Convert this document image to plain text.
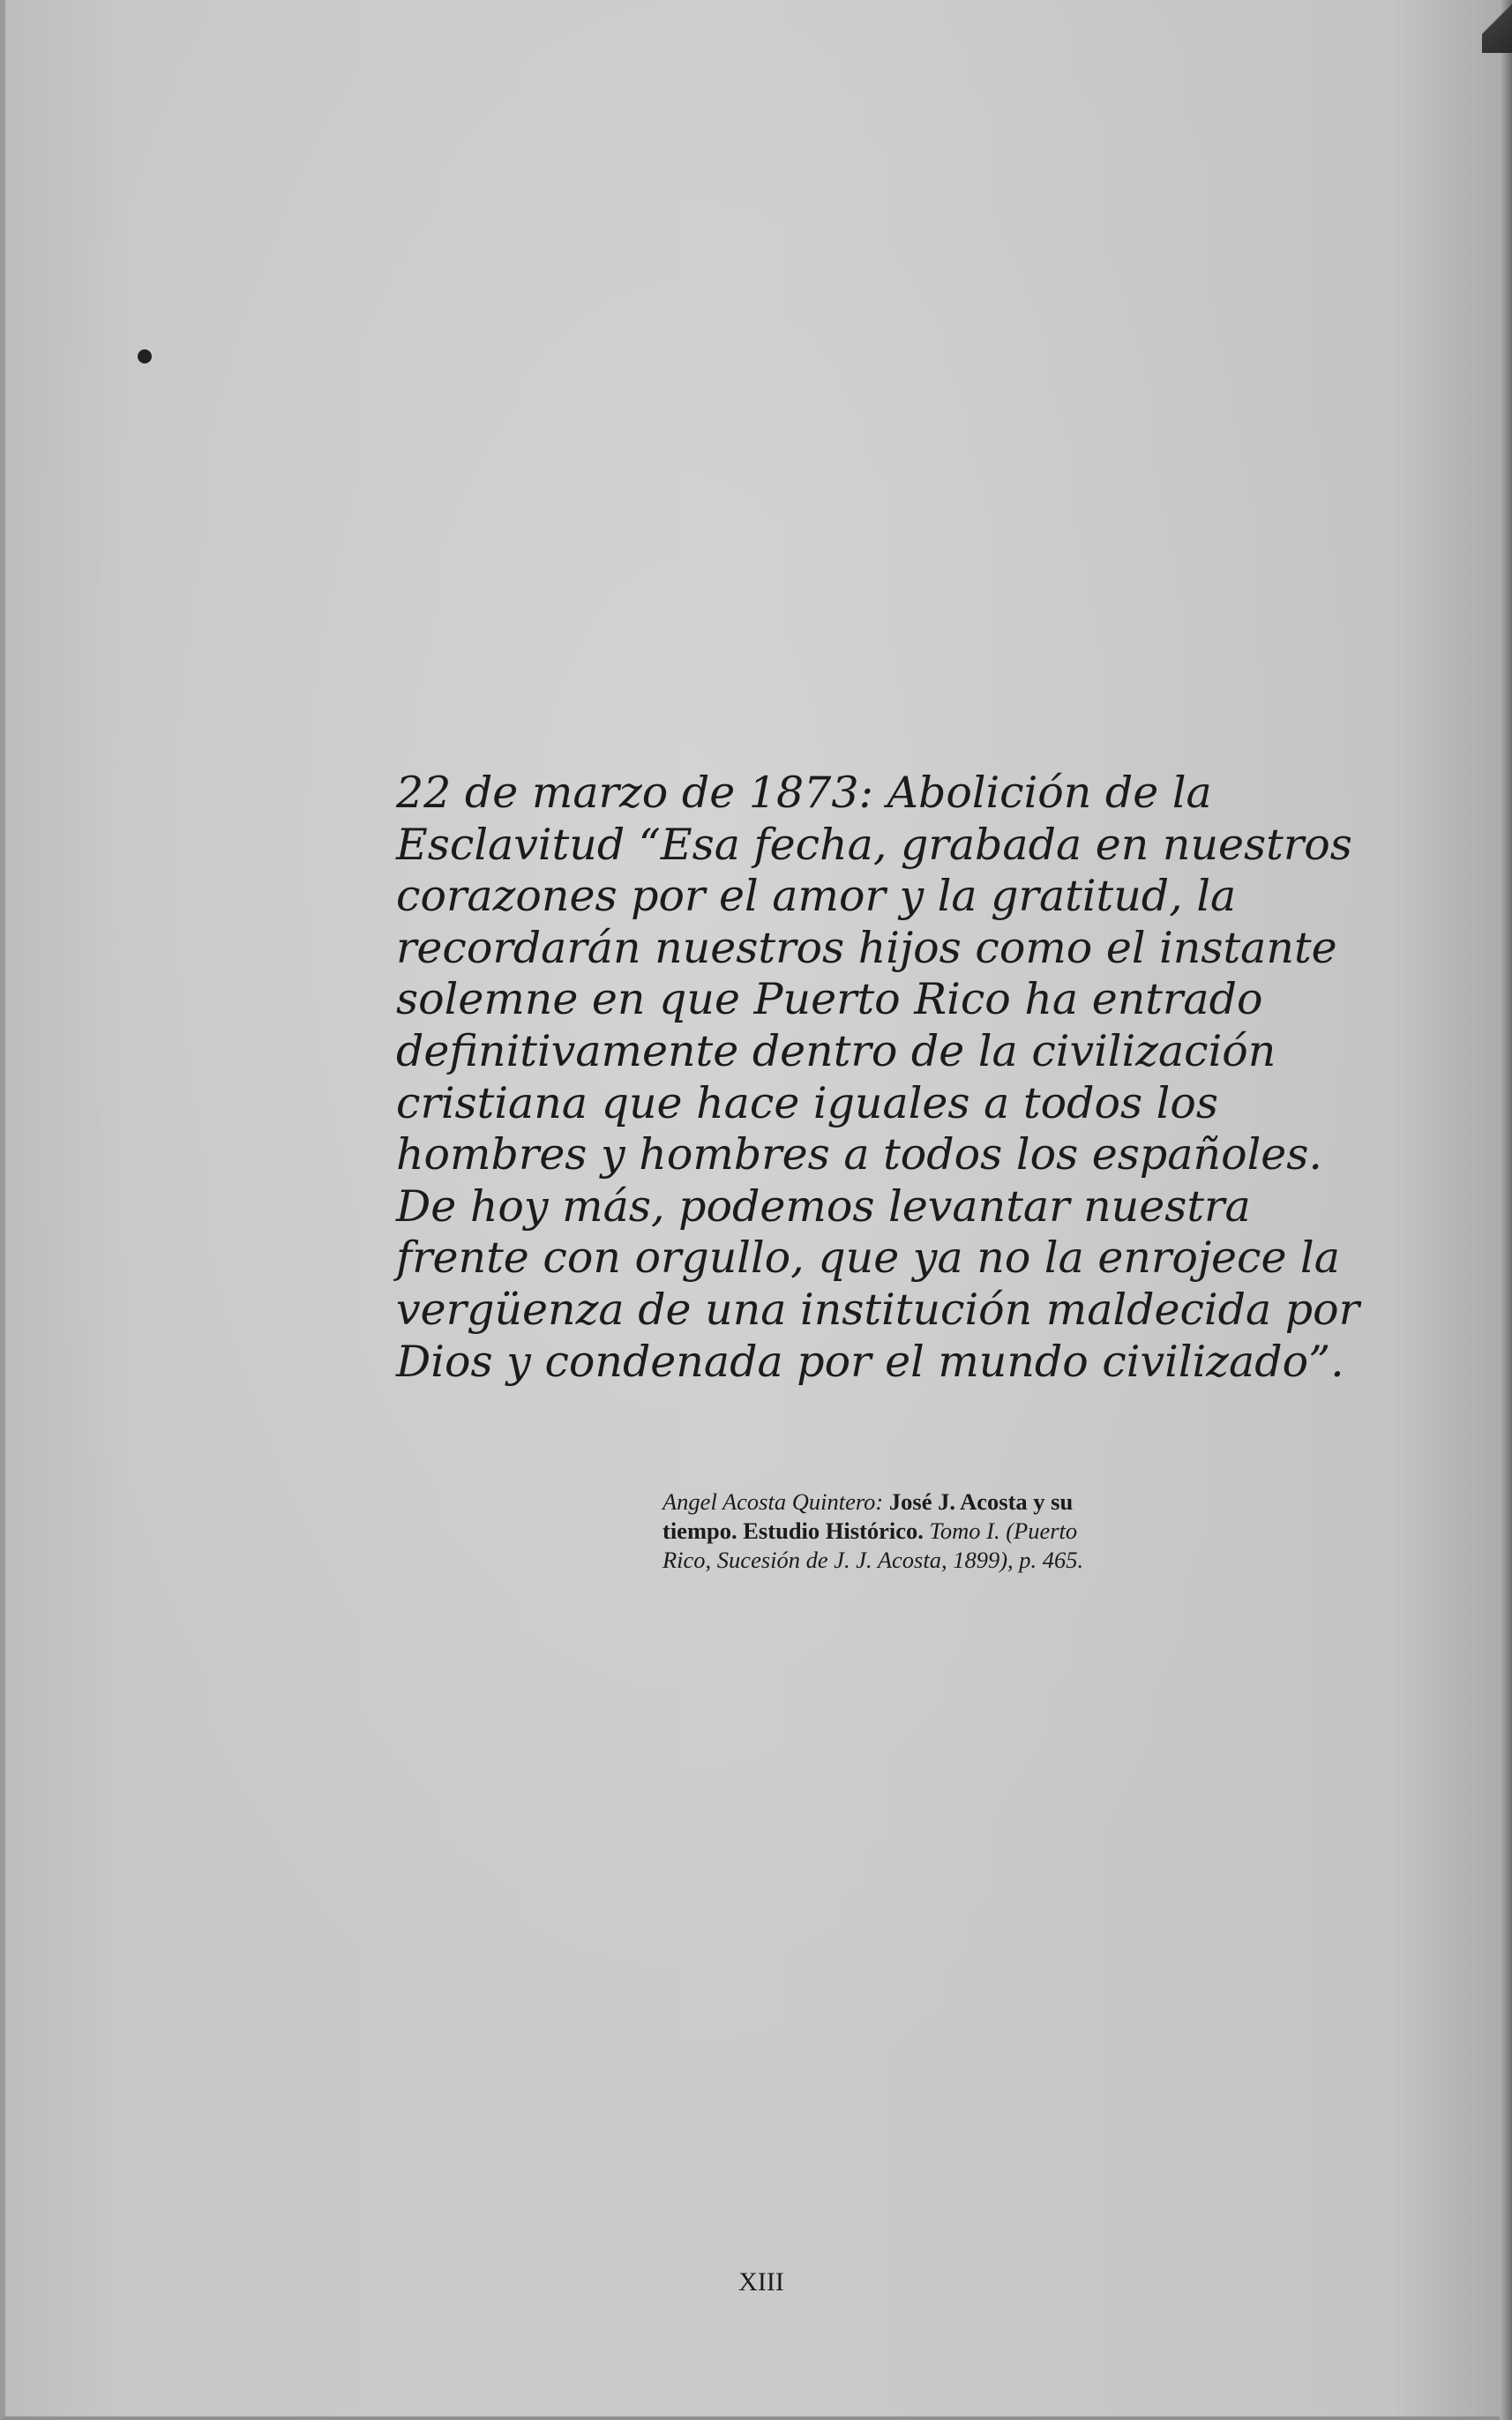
22 de marzo de 1873: Abolición de la
Esclavitud “Esa fecha, grabada en nuestros
corazones por el amor y la gratitud, la
recordarán nuestros hijos como el instante
solemne en que Puerto Rico ha entrado
definitivamente dentro de la civilización
cristiana que hace iguales a todos los
hombres y hombres a todos los españoles.
De hoy más, podemos levantar nuestra
frente con orgullo, que ya no la enrojece la
vergüenza de una institución maldecida por
Dios y condenada por el mundo civilizado”.

Angel Acosta Quintero: José J. Acosta y su
tiempo. Estudio Histórico. Tomo I. (Puerto
Rico, Sucesión de J. J. Acosta, 1899), p. 465.

XIII
